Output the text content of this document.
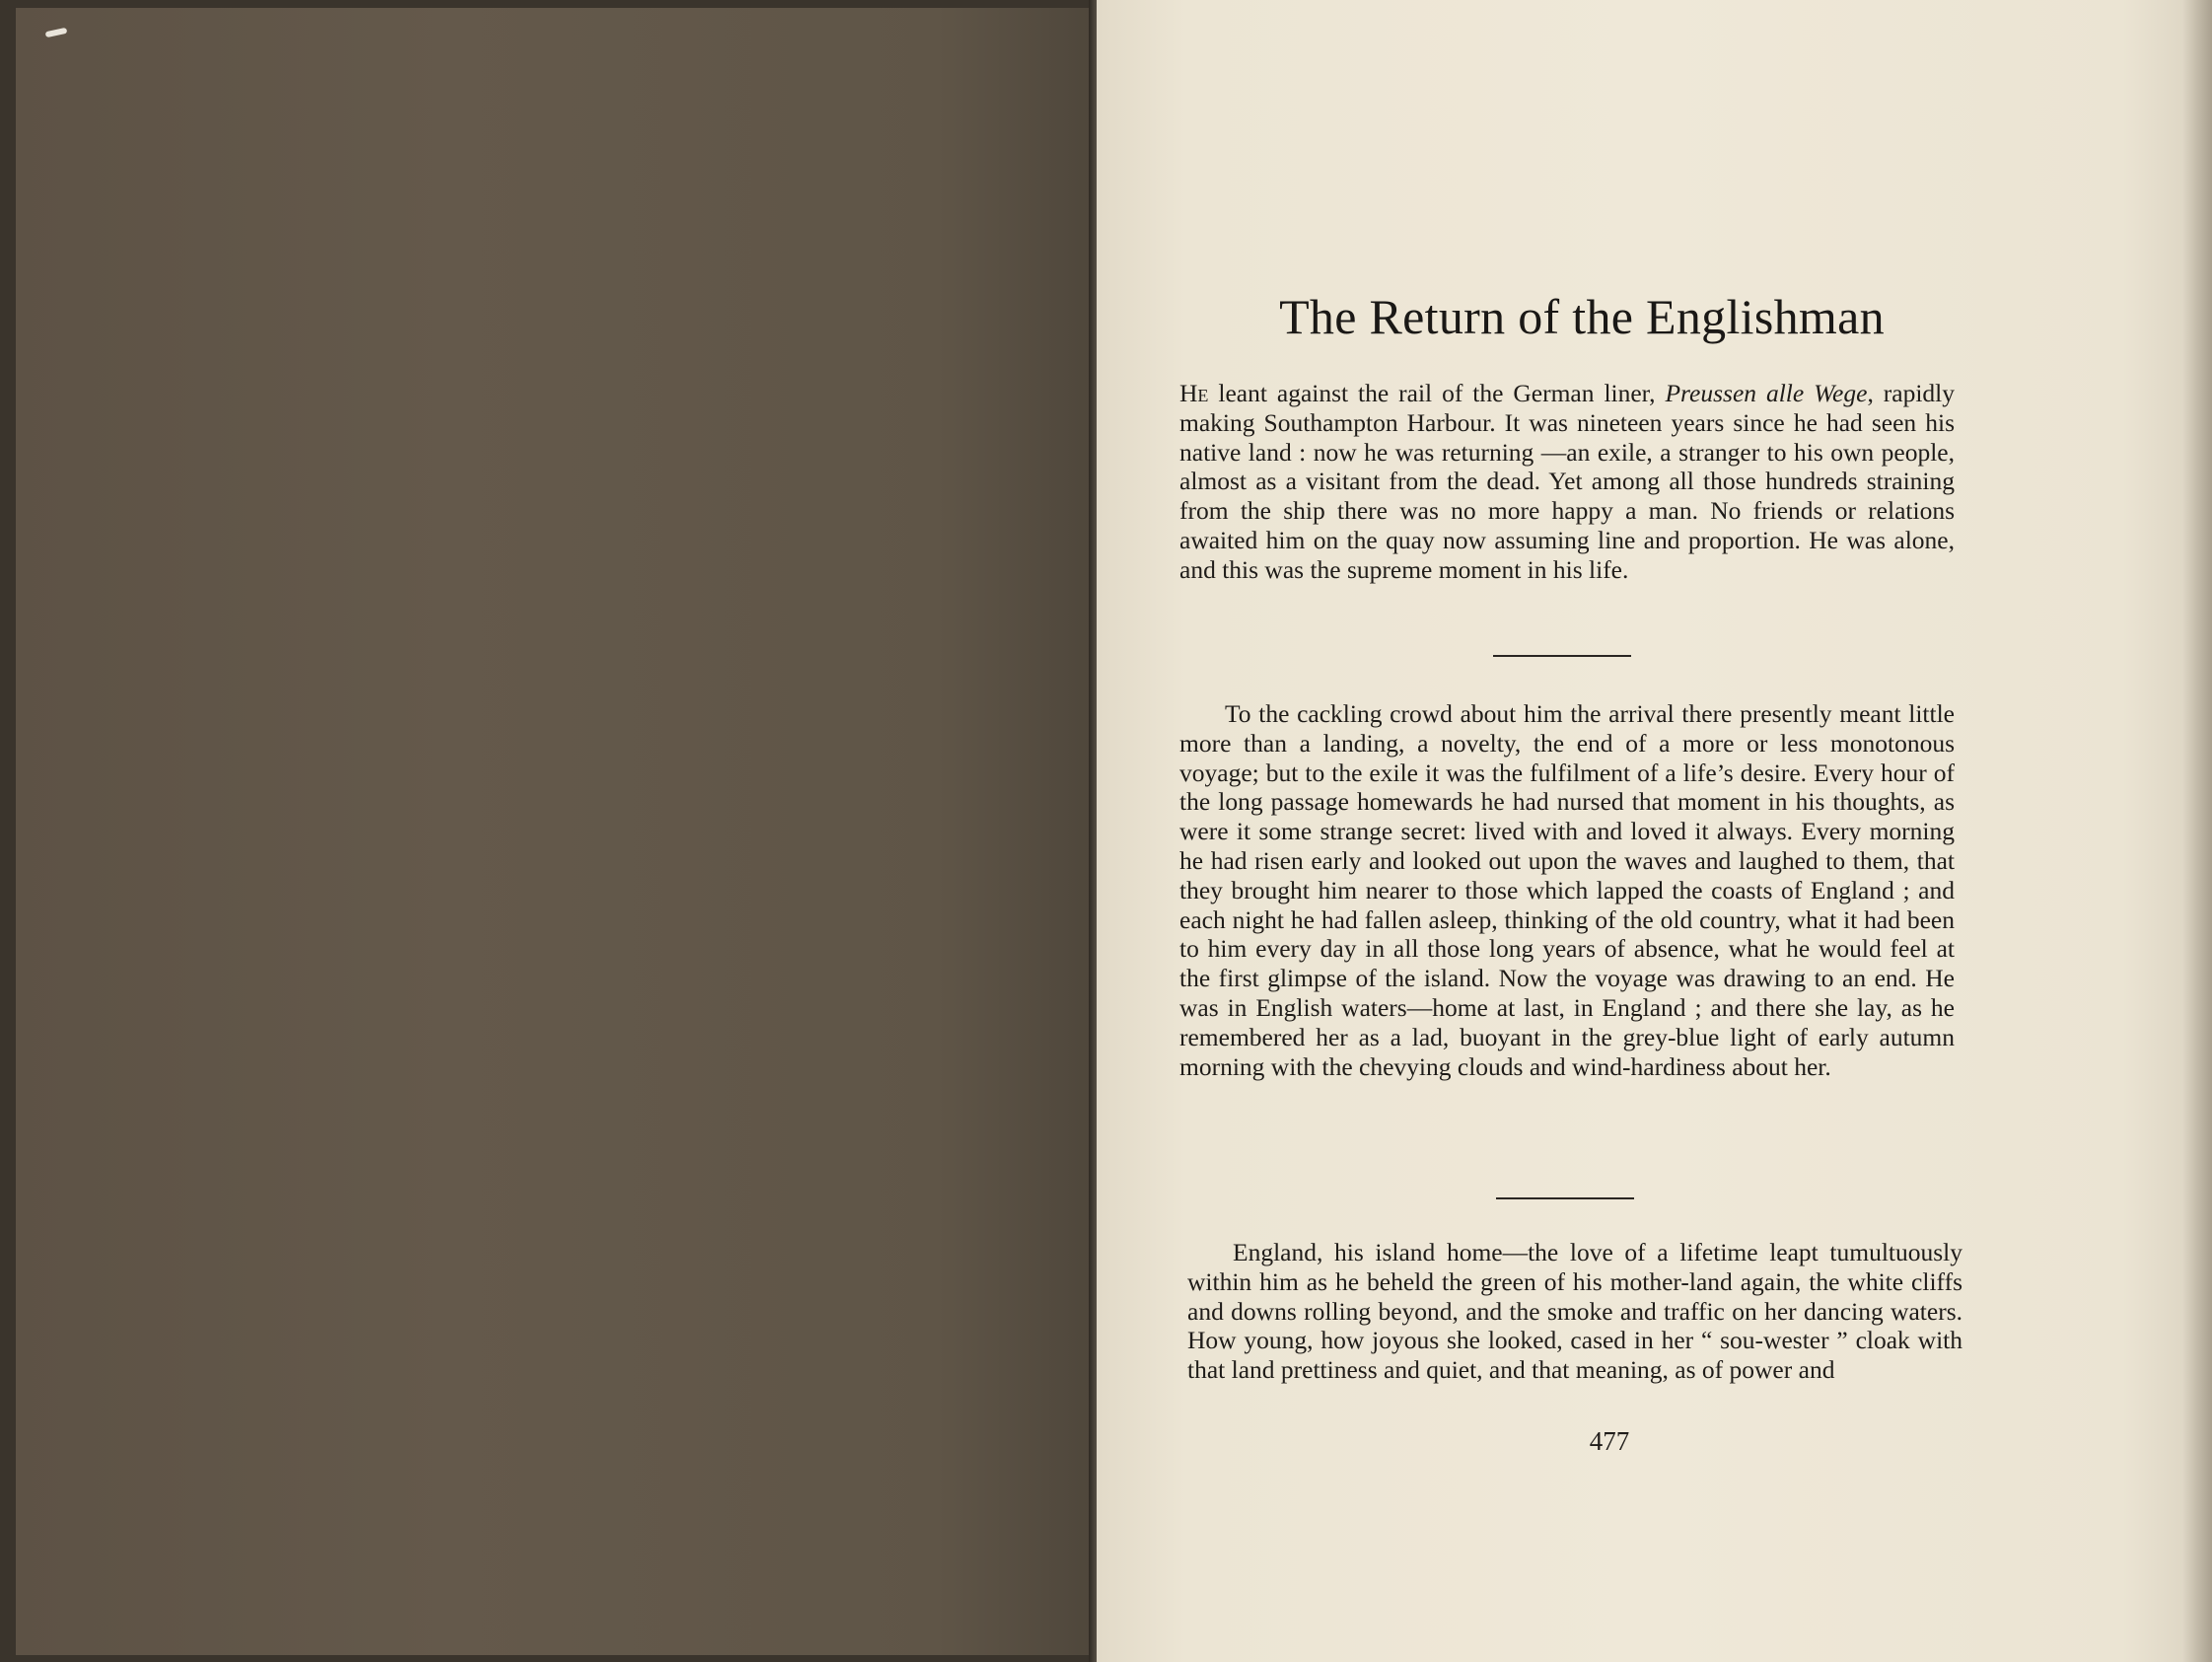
The Return of the Englishman

He leant against the rail of the German liner, Preussen alle Wege, rapidly making Southampton Harbour. It was nineteen years since he had seen his native land : now he was returning —an exile, a stranger to his own people, almost as a visitant from the dead. Yet among all those hundreds straining from the ship there was no more happy a man. No friends or relations awaited him on the quay now assuming line and proportion. He was alone, and this was the supreme moment in his life.

To the cackling crowd about him the arrival there presently meant little more than a landing, a novelty, the end of a more or less monotonous voyage; but to the exile it was the fulfilment of a life’s desire. Every hour of the long passage homewards he had nursed that moment in his thoughts, as were it some strange secret: lived with and loved it always. Every morning he had risen early and looked out upon the waves and laughed to them, that they brought him nearer to those which lapped the coasts of England ; and each night he had fallen asleep, thinking of the old country, what it had been to him every day in all those long years of absence, what he would feel at the first glimpse of the island. Now the voyage was drawing to an end. He was in English waters—home at last, in England ; and there she lay, as he remembered her as a lad, buoyant in the grey-blue light of early autumn morning with the chevying clouds and wind-hardiness about her.

England, his island home—the love of a lifetime leapt tumultuously within him as he beheld the green of his mother-land again, the white cliffs and downs rolling beyond, and the smoke and traffic on her dancing waters. How young, how joyous she looked, cased in her “ sou-wester ” cloak with that land prettiness and quiet, and that meaning, as of power and

477
